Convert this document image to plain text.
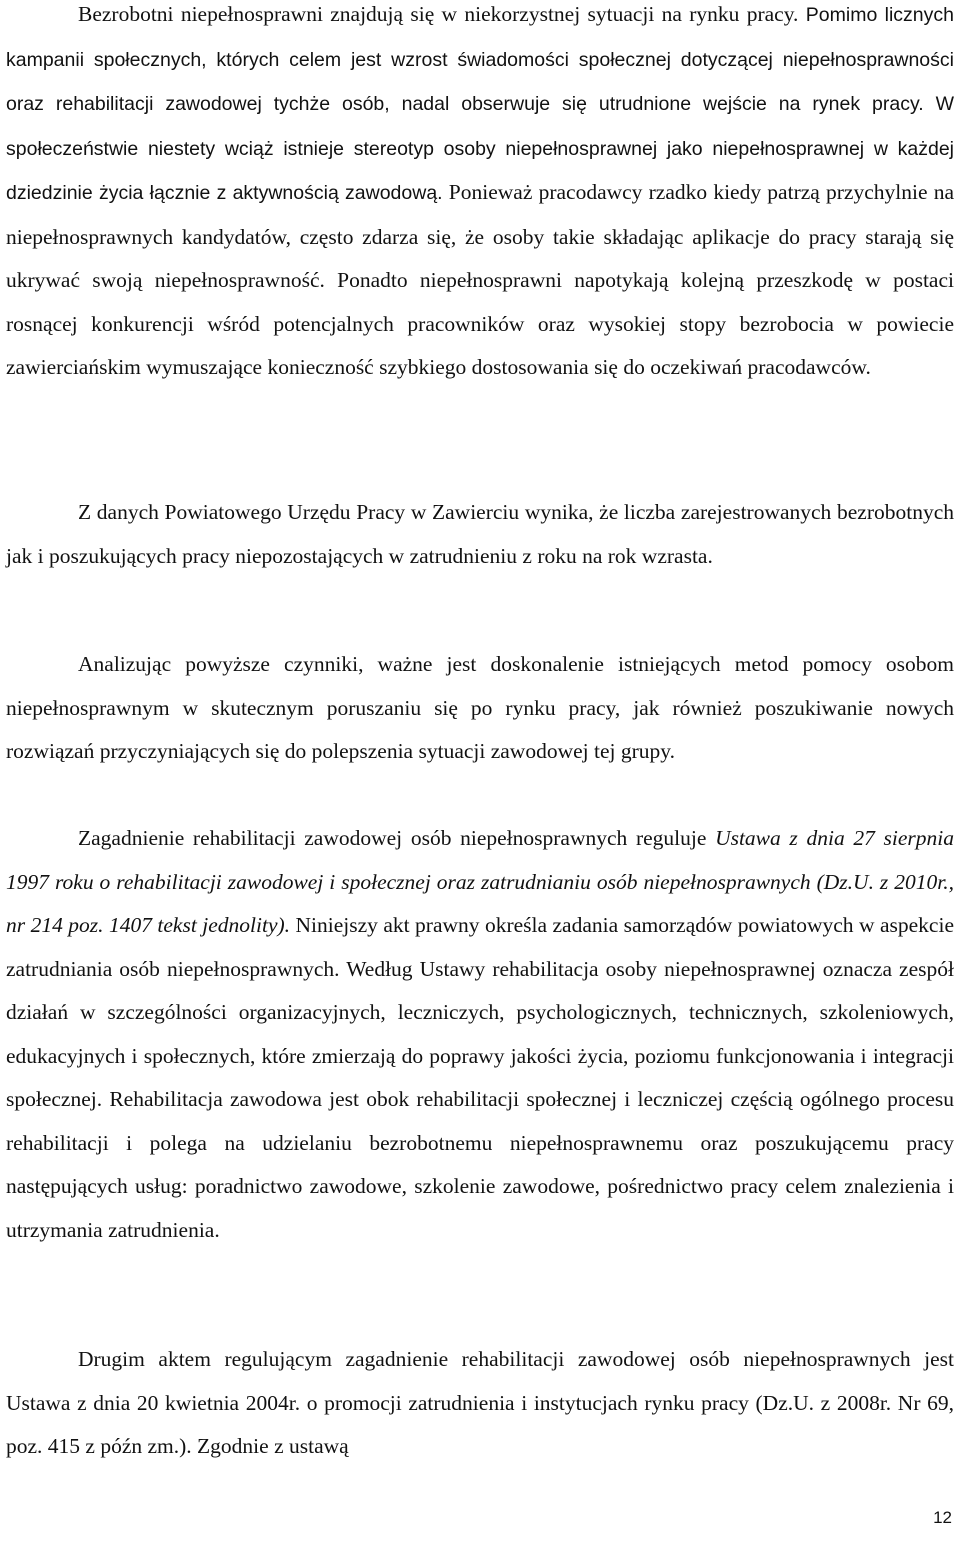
Bezrobotni niepełnosprawni znajdują się w niekorzystnej sytuacji na rynku pracy. Pomimo licznych kampanii społecznych, których celem jest wzrost świadomości społecznej dotyczącej niepełnosprawności oraz rehabilitacji zawodowej tychże osób, nadal obserwuje się utrudnione wejście na rynek pracy. W społeczeństwie niestety wciąż istnieje stereotyp osoby niepełnosprawnej jako niepełnosprawnej w każdej dziedzinie życia łącznie z aktywnością zawodową. Ponieważ pracodawcy rzadko kiedy patrzą przychylnie na niepełnosprawnych kandydatów, często zdarza się, że osoby takie składając aplikacje do pracy starają się ukrywać swoją niepełnosprawność. Ponadto niepełnosprawni napotykają kolejną przeszkodę w postaci rosnącej konkurencji wśród potencjalnych pracowników oraz wysokiej stopy bezrobocia w powiecie zawierciańskim wymuszające konieczność szybkiego dostosowania się do oczekiwań pracodawców.

Z danych Powiatowego Urzędu Pracy w Zawierciu wynika, że liczba zarejestrowanych bezrobotnych jak i poszukujących pracy niepozostających w zatrudnieniu z roku na rok wzrasta.

Analizując powyższe czynniki, ważne jest doskonalenie istniejących metod pomocy osobom niepełnosprawnym w skutecznym poruszaniu się po rynku pracy, jak również poszukiwanie nowych rozwiązań przyczyniających się do polepszenia sytuacji zawodowej tej grupy.

Zagadnienie rehabilitacji zawodowej osób niepełnosprawnych reguluje Ustawa z dnia 27 sierpnia 1997 roku o rehabilitacji zawodowej i społecznej oraz zatrudnianiu osób niepełnosprawnych (Dz.U. z 2010r., nr 214 poz. 1407 tekst jednolity). Niniejszy akt prawny określa zadania samorządów powiatowych w aspekcie zatrudniania osób niepełnosprawnych. Według Ustawy rehabilitacja osoby niepełnosprawnej oznacza zespół działań w szczególności organizacyjnych, leczniczych, psychologicznych, technicznych, szkoleniowych, edukacyjnych i społecznych, które zmierzają do poprawy jakości życia, poziomu funkcjonowania i integracji społecznej. Rehabilitacja zawodowa jest obok rehabilitacji społecznej i leczniczej częścią ogólnego procesu rehabilitacji i polega na udzielaniu bezrobotnemu niepełnosprawnemu oraz poszukującemu pracy następujących usług: poradnictwo zawodowe, szkolenie zawodowe, pośrednictwo pracy celem znalezienia i utrzymania zatrudnienia.

Drugim aktem regulującym zagadnienie rehabilitacji zawodowej osób niepełnosprawnych jest Ustawa z dnia 20 kwietnia 2004r. o promocji zatrudnienia i instytucjach rynku pracy (Dz.U. z 2008r. Nr 69, poz. 415 z późn zm.). Zgodnie z ustawą

12
